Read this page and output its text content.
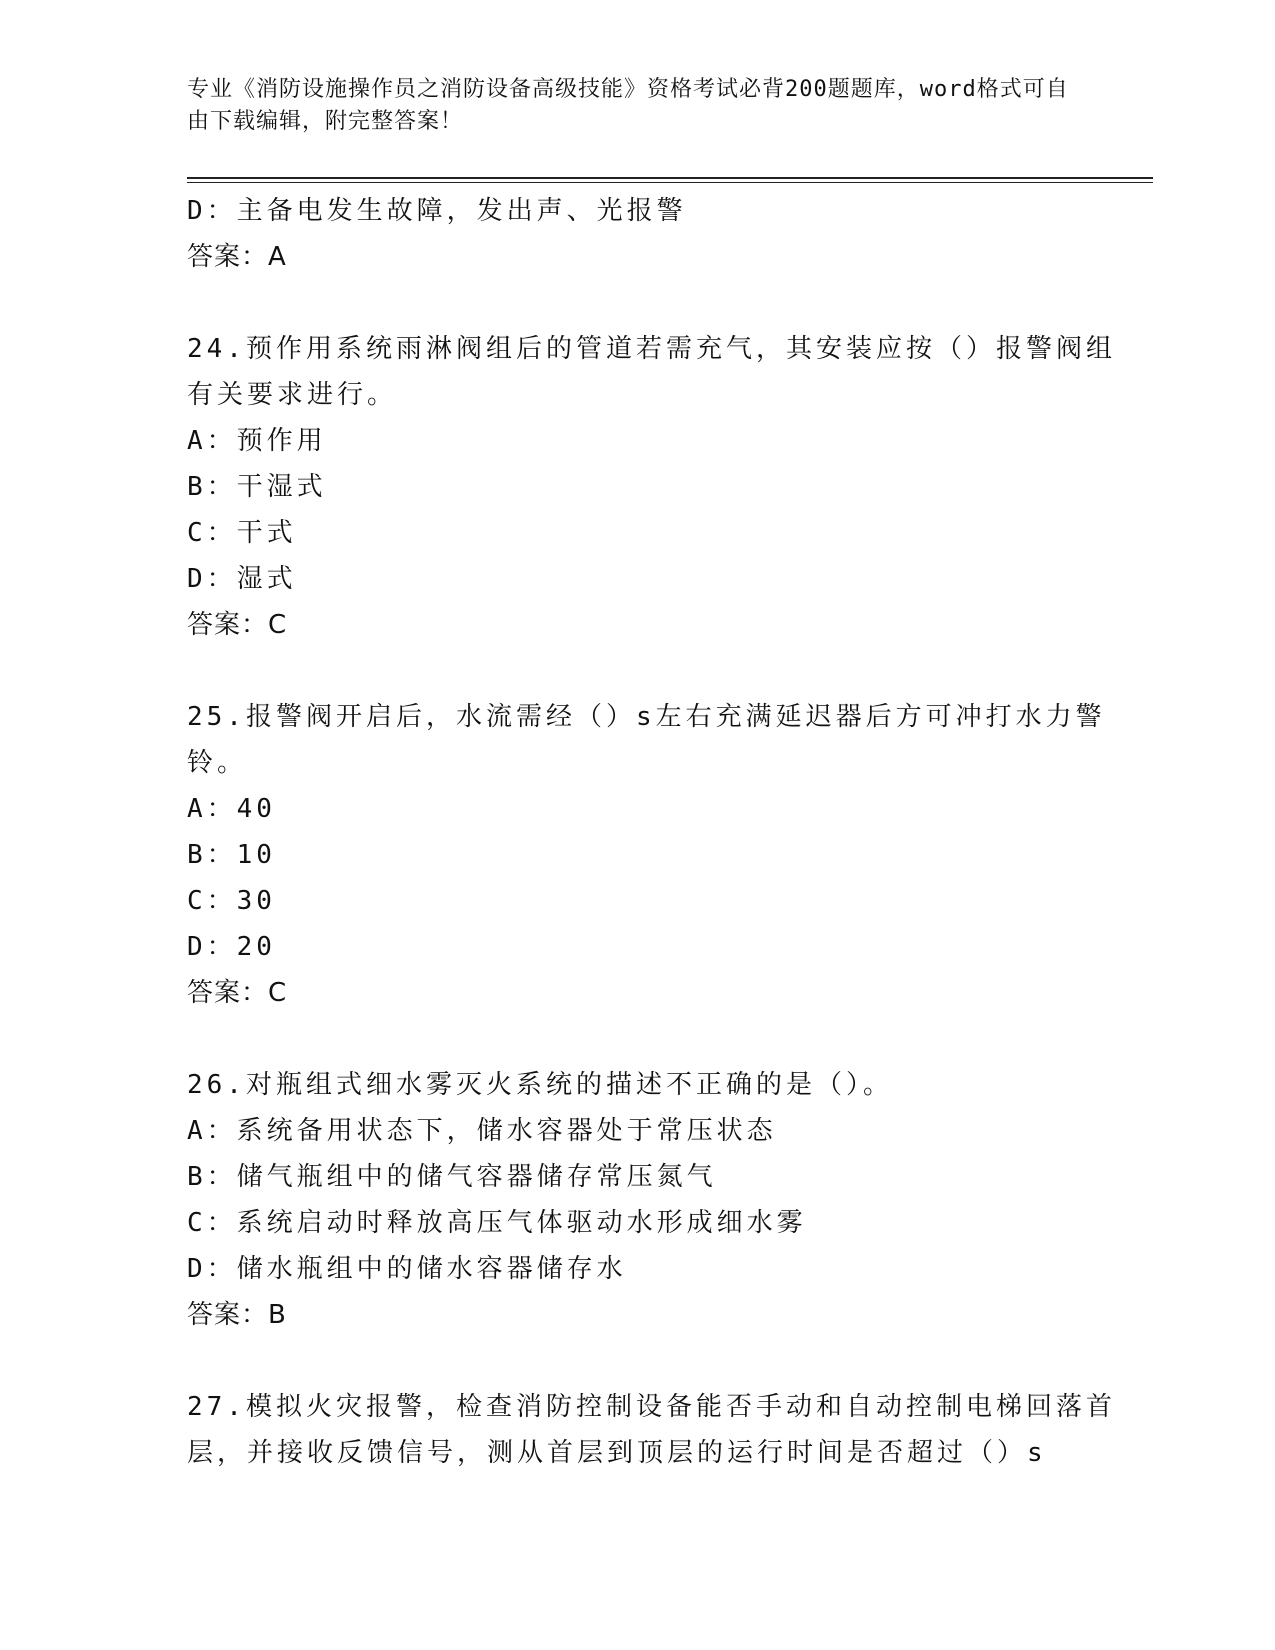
专业《消防设施操作员之消防设备高级技能》资格考试必背200题题库，word格式可自由下载编辑，附完整答案！
D：主备电发生故障，发出声、光报警
答案：A
24.预作用系统雨淋阀组后的管道若需充气，其安装应按（）报警阀组有关要求进行。
A：预作用
B：干湿式
C：干式
D：湿式
答案：C
25.报警阀开启后，水流需经（）s左右充满延迟器后方可冲打水力警铃。
A：40
B：10
C：30
D：20
答案：C
26.对瓶组式细水雾灭火系统的描述不正确的是（）。
A：系统备用状态下，储水容器处于常压状态
B：储气瓶组中的储气容器储存常压氮气
C：系统启动时释放高压气体驱动水形成细水雾
D：储水瓶组中的储水容器储存水
答案：B
27.模拟火灾报警，检查消防控制设备能否手动和自动控制电梯回落首层，并接收反馈信号，测从首层到顶层的运行时间是否超过（）s
